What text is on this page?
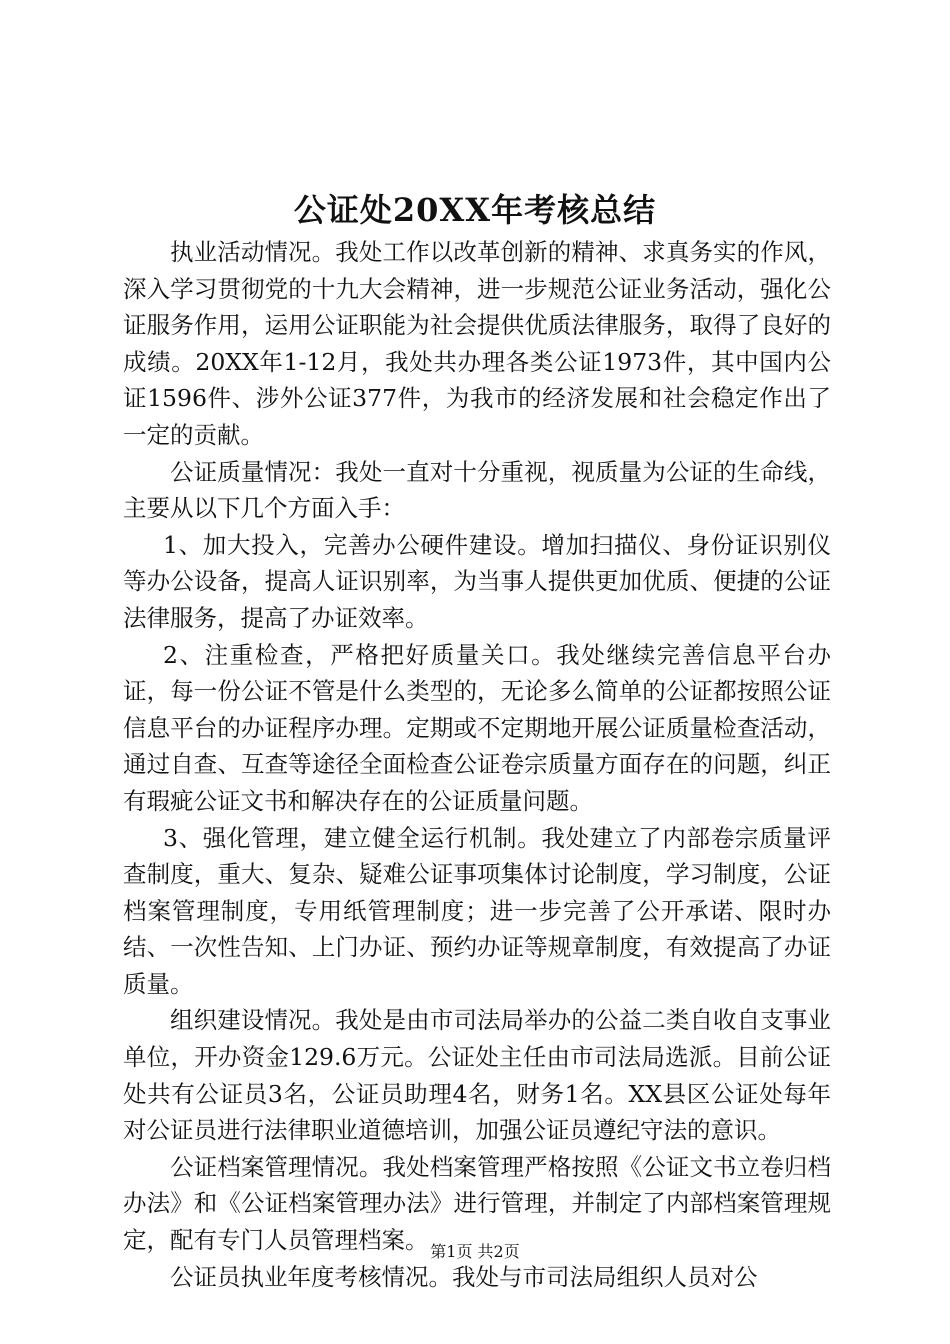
公证处20XX年考核总结

执业活动情况。我处工作以改革创新的精神、求真务实的作风，深入学习贯彻党的十九大会精神，进一步规范公证业务活动，强化公证服务作用，运用公证职能为社会提供优质法律服务，取得了良好的成绩。20XX年1-12月，我处共办理各类公证1973件，其中国内公证1596件、涉外公证377件，为我市的经济发展和社会稳定作出了一定的贡献。

公证质量情况：我处一直对十分重视，视质量为公证的生命线，主要从以下几个方面入手：

1、加大投入，完善办公硬件建设。增加扫描仪、身份证识别仪等办公设备，提高人证识别率，为当事人提供更加优质、便捷的公证法律服务，提高了办证效率。

2、注重检查，严格把好质量关口。我处继续完善信息平台办证，每一份公证不管是什么类型的，无论多么简单的公证都按照公证信息平台的办证程序办理。定期或不定期地开展公证质量检查活动，通过自查、互查等途径全面检查公证卷宗质量方面存在的问题，纠正有瑕疵公证文书和解决存在的公证质量问题。

3、强化管理，建立健全运行机制。我处建立了内部卷宗质量评查制度，重大、复杂、疑难公证事项集体讨论制度，学习制度，公证档案管理制度，专用纸管理制度；进一步完善了公开承诺、限时办结、一次性告知、上门办证、预约办证等规章制度，有效提高了办证质量。

组织建设情况。我处是由市司法局举办的公益二类自收自支事业单位，开办资金129.6万元。公证处主任由市司法局选派。目前公证处共有公证员3名，公证员助理4名，财务1名。XX县区公证处每年对公证员进行法律职业道德培训，加强公证员遵纪守法的意识。

公证档案管理情况。我处档案管理严格按照《公证文书立卷归档办法》和《公证档案管理办法》进行管理，并制定了内部档案管理规定，配有专门人员管理档案。

公证员执业年度考核情况。我处与市司法局组织人员对公

第1页 共2页
